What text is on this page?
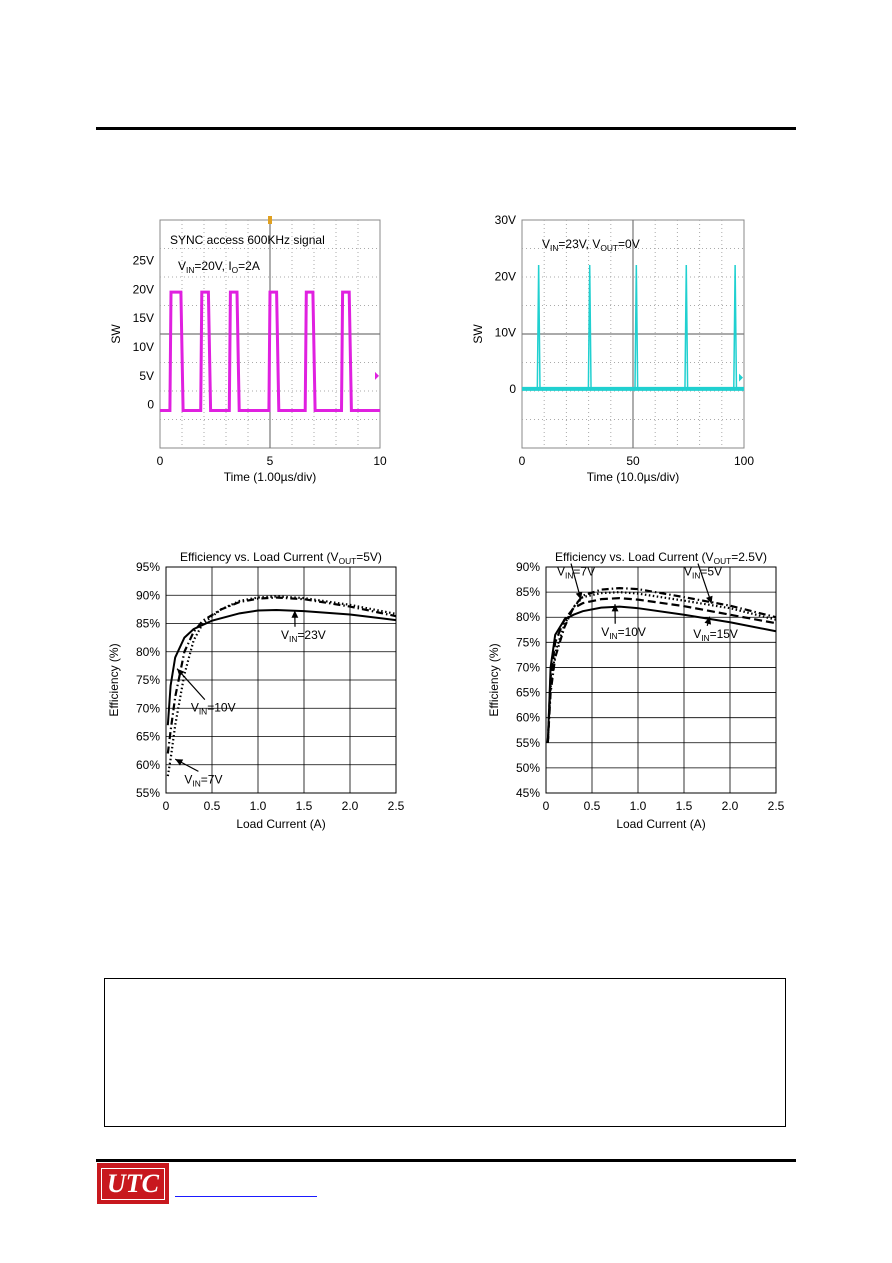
25V
20V
15V
10V
5V
0
0	5	10
Time (1.00µs/div)
SW
SYNC access 600KHz signal
$V_{IN}=20V$, $I_O=2A$
30V
20V
10V
0
0	50	100
Time (10.0µs/div)
SW
$V_{IN}=23V$, $V_{OUT}=0V$
95%
90%
85%
80%
75%
70%
65%
60%
55%
0	0.5 1.0 1.5 2.0 2.5
Load Current (A)
Efficiency (%)
Efficiency vs. Load Current $(V_{OUT}=5V)$
$V_{IN}=23V$
$V_{IN}=10V$
$V_{IN}=7V$
90%
85%
80%
75%
70%
65%
60%
55%
50%
45%
0	0.5 1.0 1.5 2.0 2.5
Load Current (A)
Efficiency (%)
Efficiency vs. Load Current $(V_{OUT}=2.5V)$
$V_{IN}=7V$	$V_{IN}=5V$
$V_{IN}=10V$	$V_{IN}=15V$
UTC
